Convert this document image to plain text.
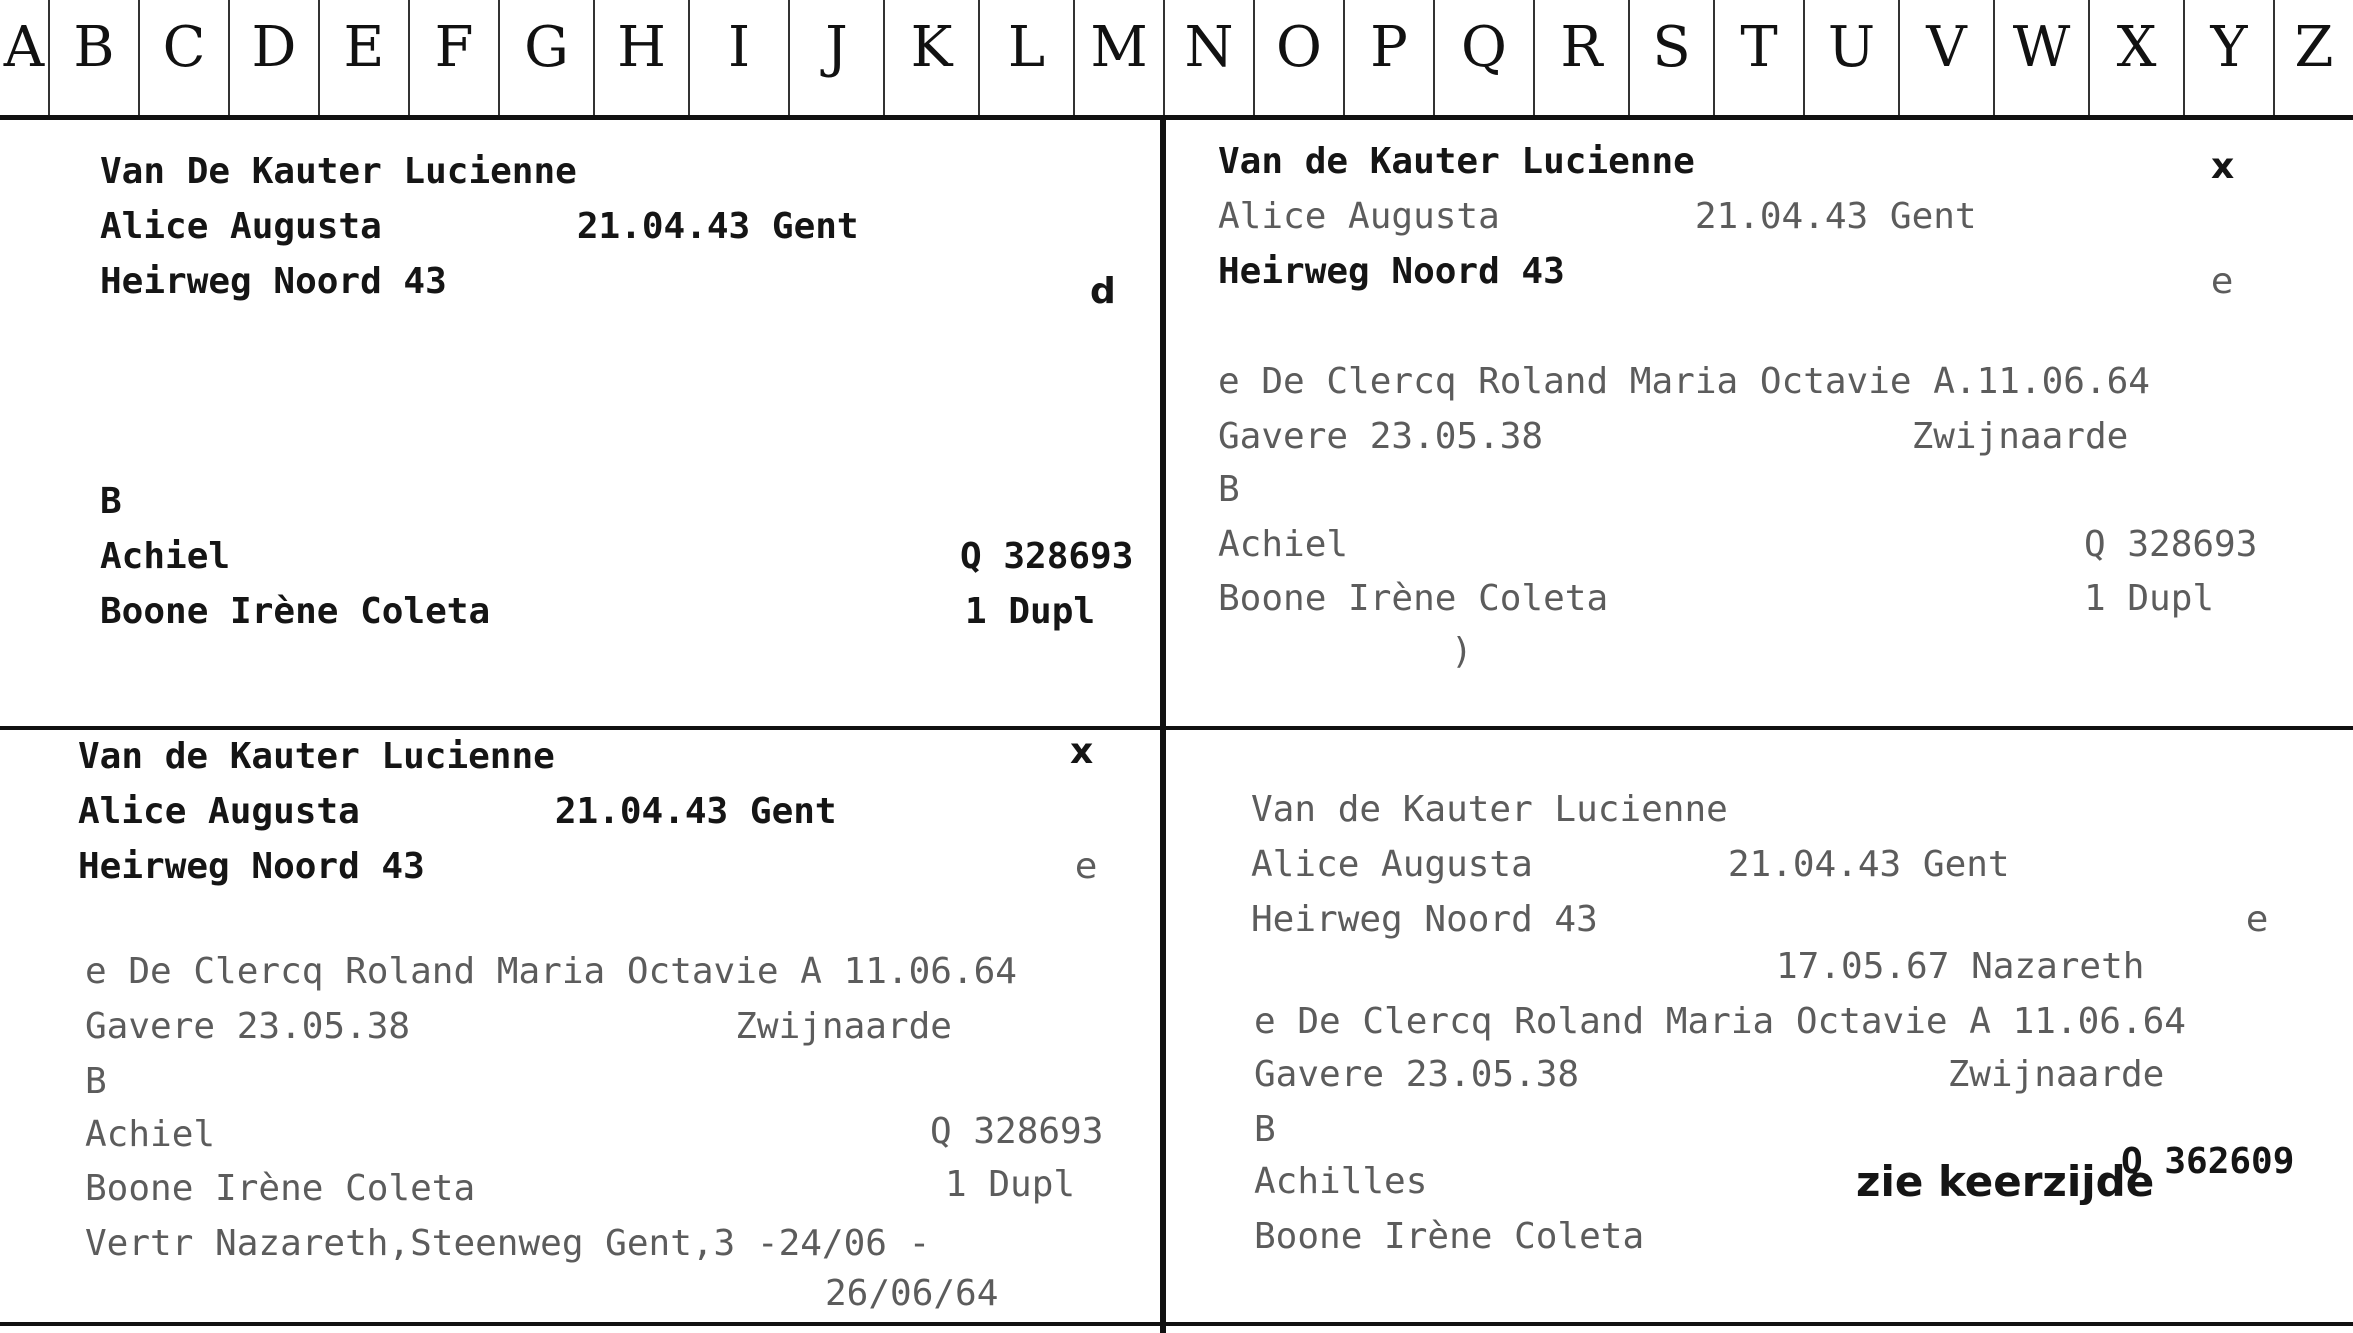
A B C D E F G H	I	J	K L M N O P Q R S T U V W X Y Z
Van De Kauter Lucienne
Alice Augusta         21.04.43 Gent
Heirweg Noord 43	d
B
Achiel	Q 328693
Boone Irène Coleta	1 Dupl
Van de Kauter Lucienne	x
Alice Augusta         21.04.43 Gent
Heirweg Noord 43	e
e De Clercq Roland Maria Octavie A.11.06.64
Gavere 23.05.38                 Zwijnaarde
B
Achiel	Q 328693
Boone Irène Coleta	1 Dupl
)
Van de Kauter Lucienne	x
Alice Augusta         21.04.43 Gent
Heirweg Noord 43	e
e De Clercq Roland Maria Octavie A 11.06.64
Gavere 23.05.38               Zwijnaarde
B
Achiel	Q 328693
Boone Irène Coleta	1 Dupl
Vertr Nazareth,Steenweg Gent,3 -24/06 -
26/06/64
Van de Kauter Lucienne
Alice Augusta         21.04.43 Gent
Heirweg Noord 43	e
17.05.67 Nazareth
e De Clercq Roland Maria Octavie A 11.06.64
Gavere 23.05.38                 Zwijnaarde
B
Achilles	zie keerzijde
Q 362609
Boone Irène Coleta
